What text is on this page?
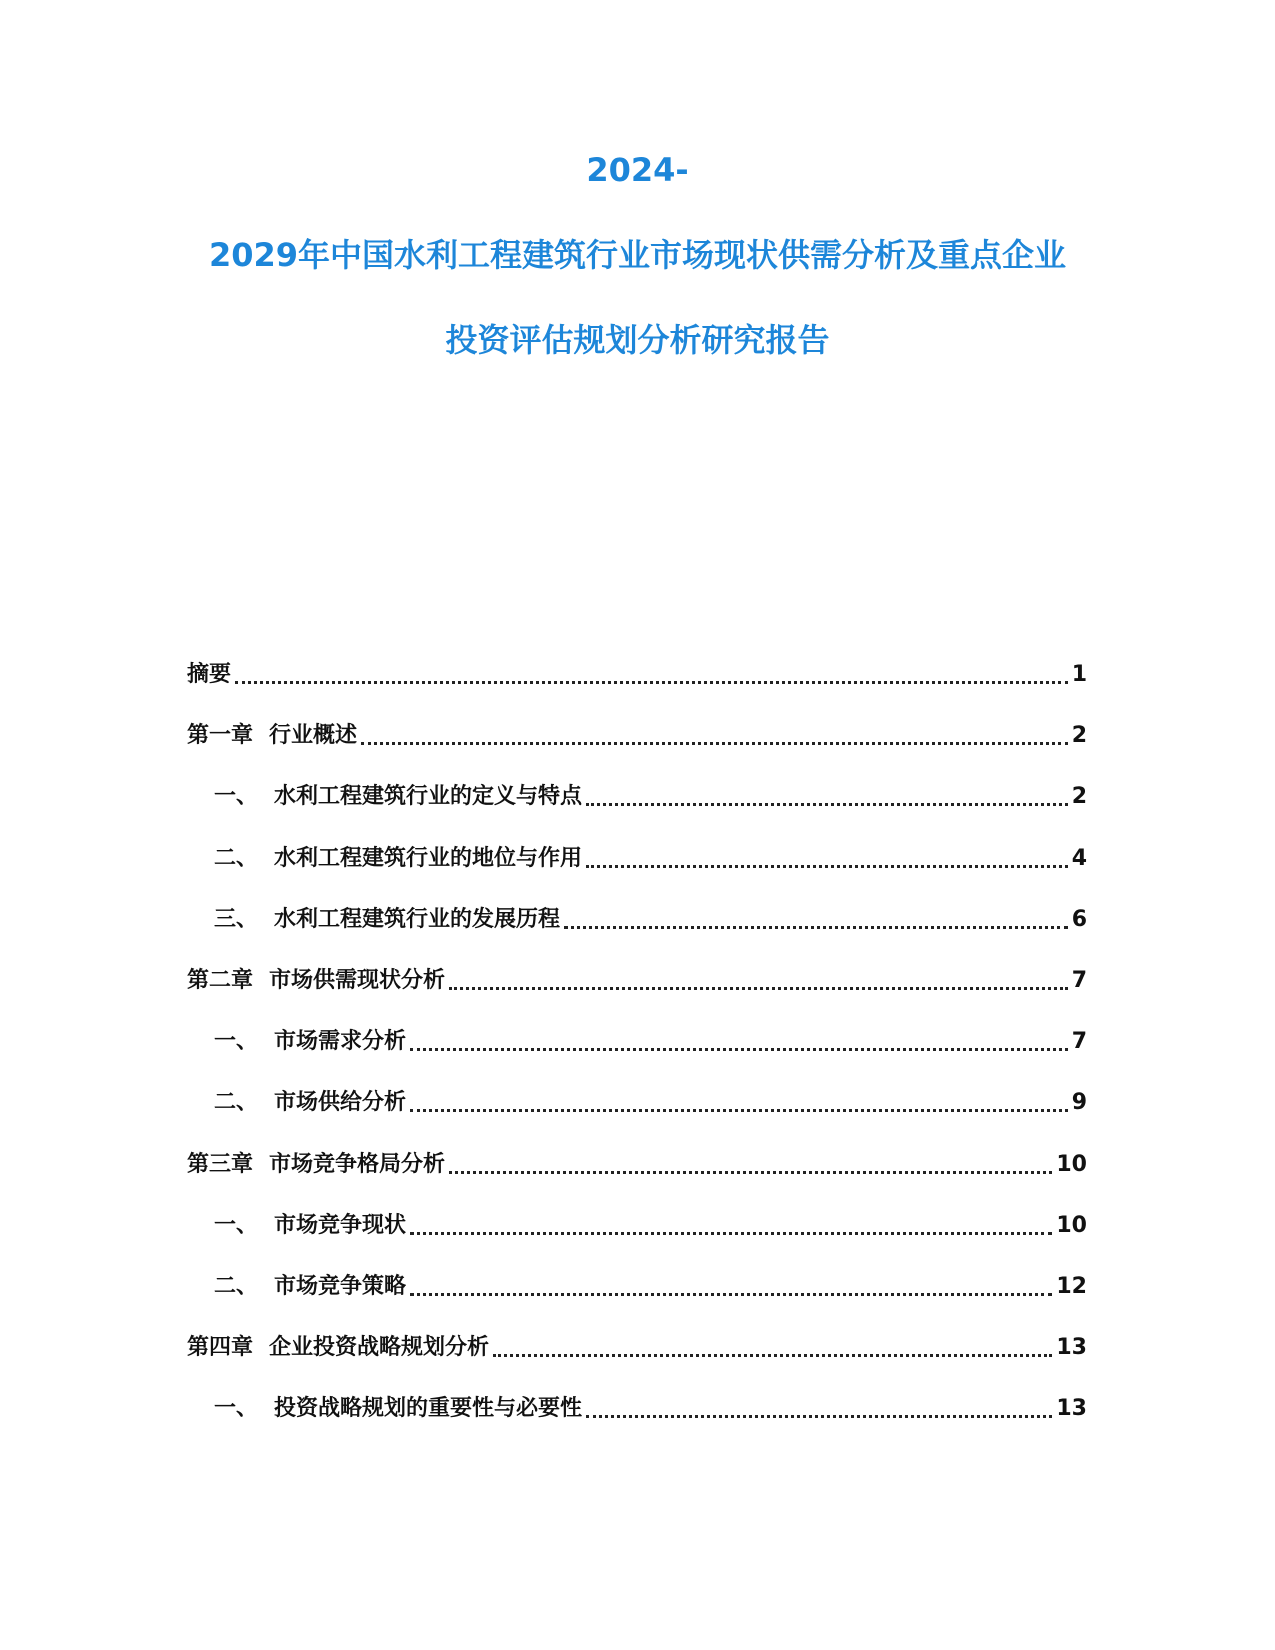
2024-
2029年中国水利工程建筑行业市场现状供需分析及重点企业
投资评估规划分析研究报告
摘要	1
第一章 行业概述	2
一、 水利工程建筑行业的定义与特点	2
二、 水利工程建筑行业的地位与作用	4
三、 水利工程建筑行业的发展历程	6
第二章 市场供需现状分析	7
一、 市场需求分析	7
二、 市场供给分析	9
第三章 市场竞争格局分析	10
一、 市场竞争现状	10
二、 市场竞争策略	12
第四章 企业投资战略规划分析	13
一、 投资战略规划的重要性与必要性	13
